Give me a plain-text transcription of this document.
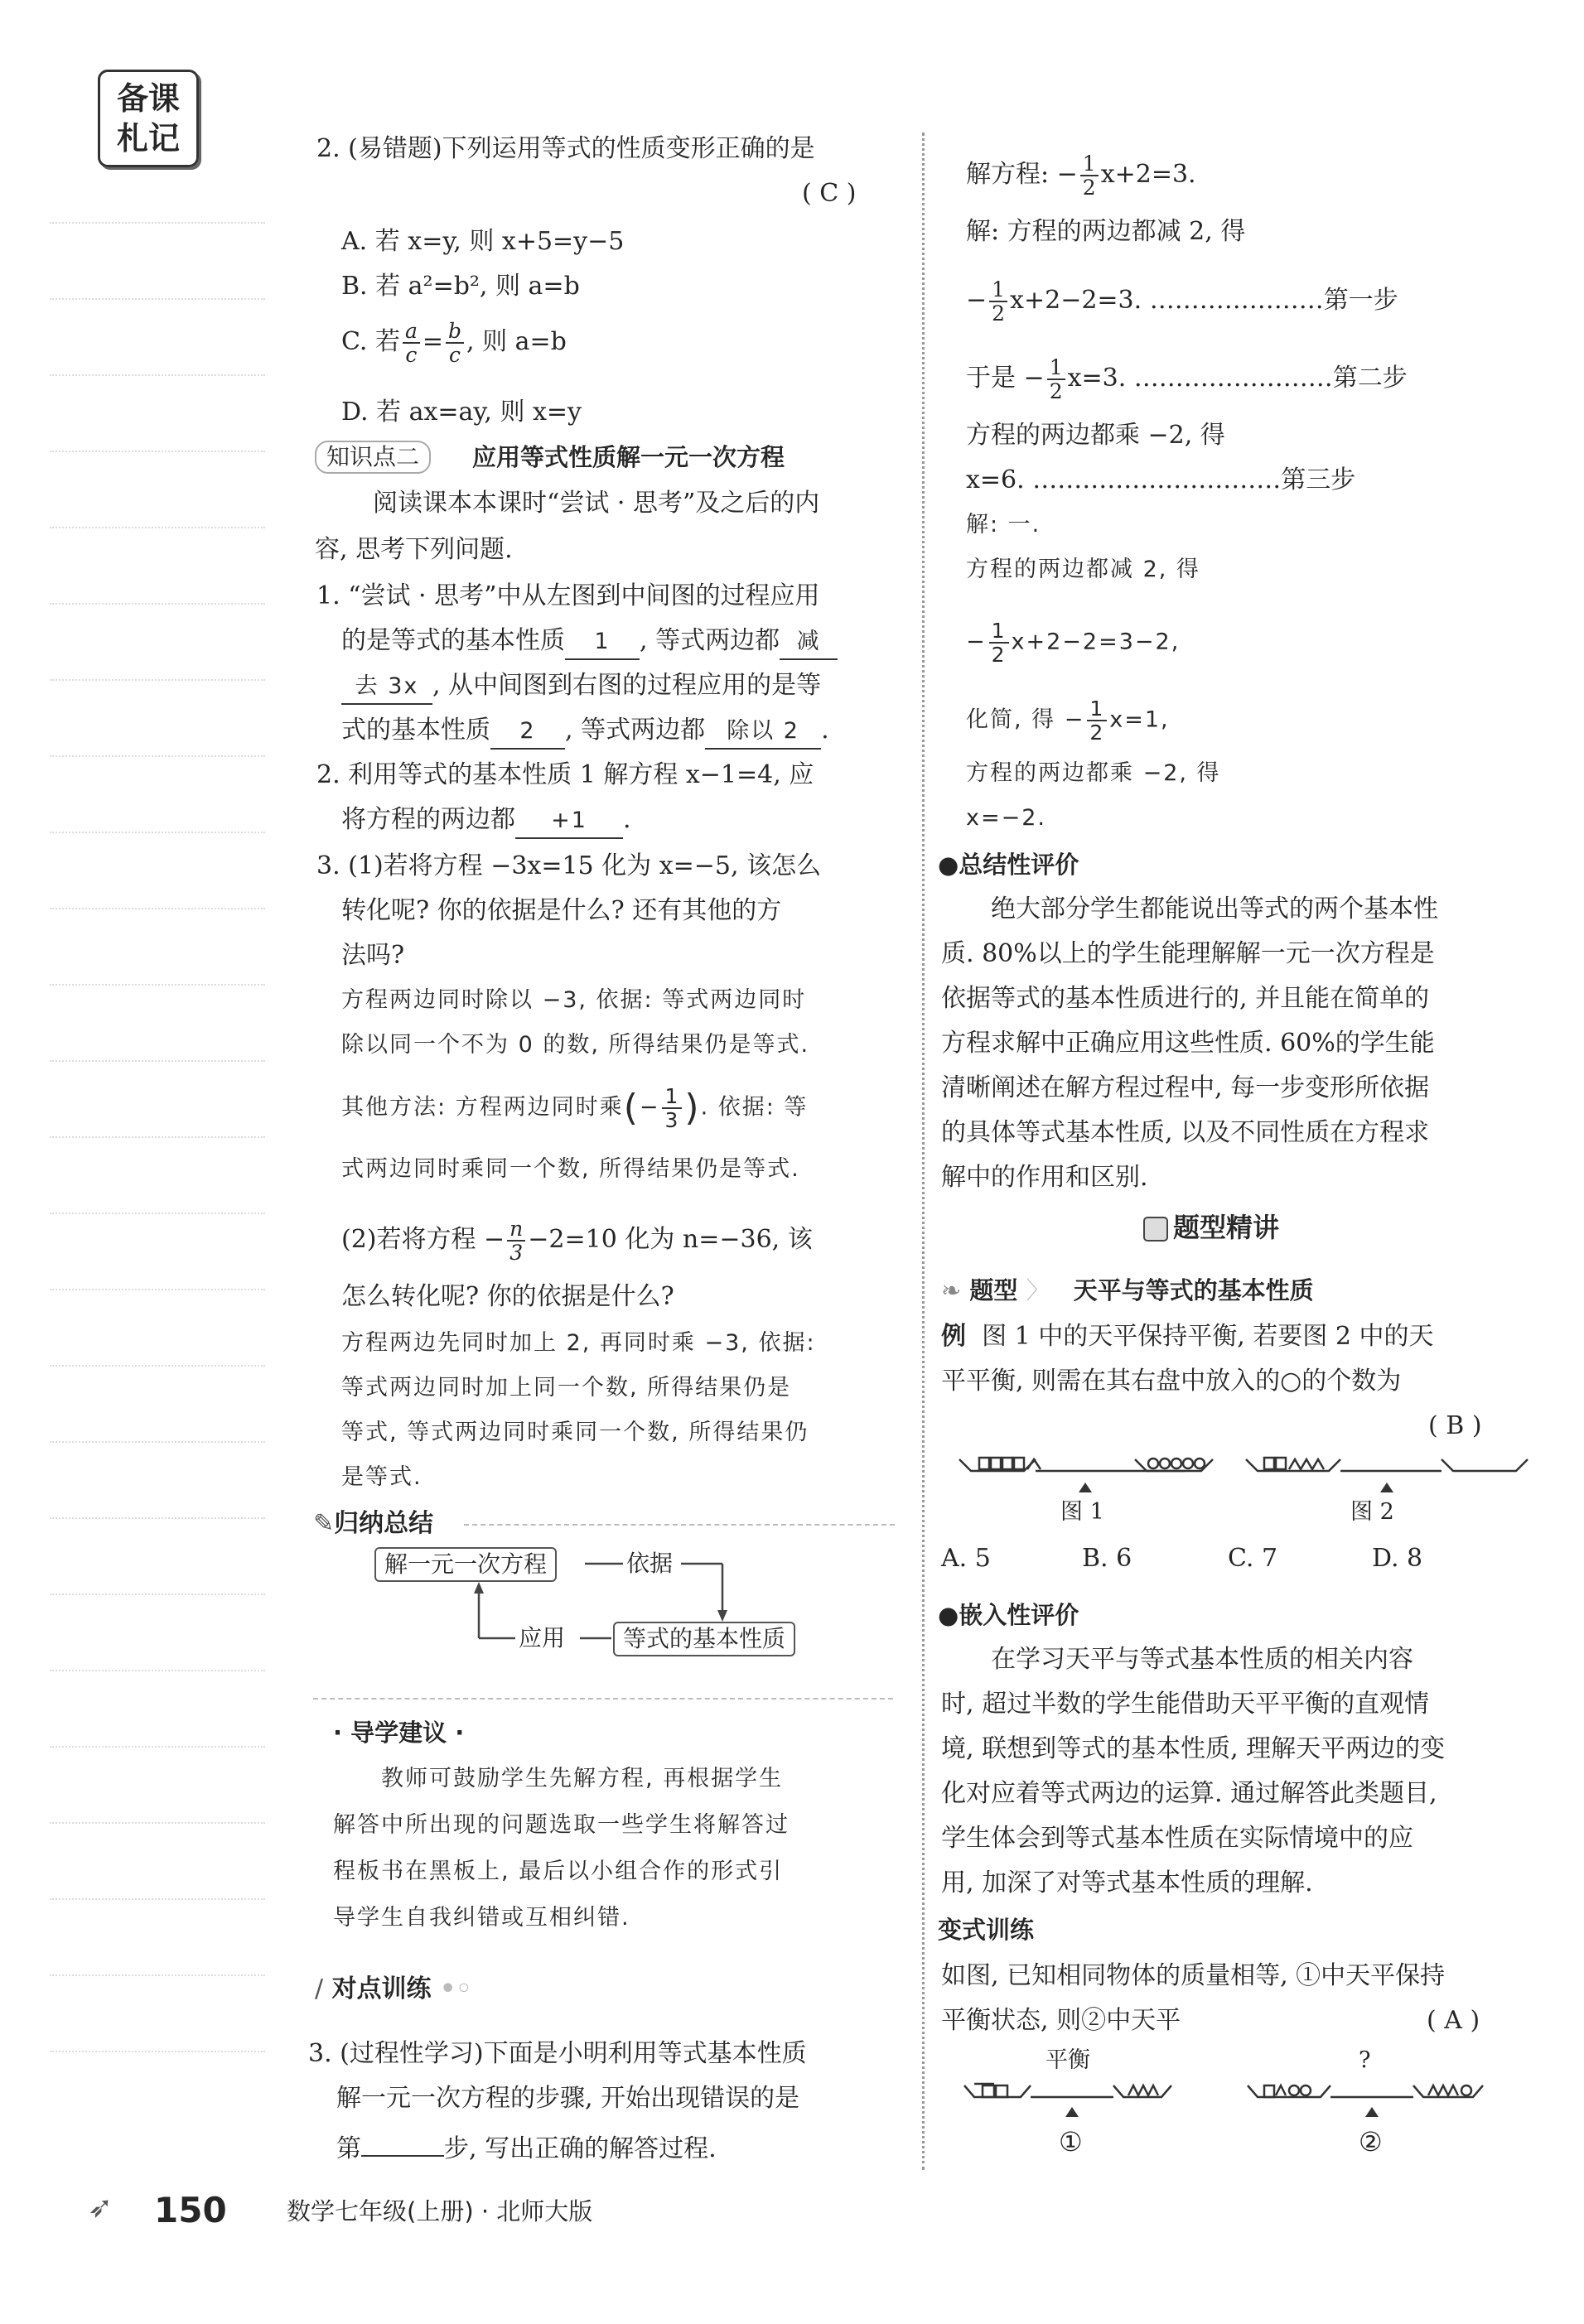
备课札记	2. (易错题)下列运用等式的性质变形正确的是
( C )
A. 若 x=y, 则 x+5=y−5
B. 若 a²=b², 则 a=b
C. 若 $\frac{a}{c} = \frac{b}{c}$ , 则 a=b
D. 若 ax=ay, 则 x=y
知识点二	应用等式性质解一元一次方程
阅读课本本课时“尝试 · 思考”及之后的内
容, 思考下列问题.
1. “尝试 · 思考”中从左图到中间图的过程应用
的是等式的基本性质 1 , 等式两边都 减
去 3x , 从中间图到右图的过程应用的是等
式的基本性质 2 , 等式两边都 除以 2 .
2. 利用等式的基本性质 1 解方程 x−1=4, 应
将方程的两边都 +1 .
3. (1)若将方程 −3x=15 化为 x=−5, 该怎么
转化呢? 你的依据是什么? 还有其他的方
法吗?
方程两边同时除以 −3, 依据: 等式两边同时
除以同一个不为 0 的数, 所得结果仍是等式.
其他方法: 方程两边同时乘(− $\frac{1}{3}$ ). 依据: 等
式两边同时乘同一个数, 所得结果仍是等式.
(2)若将方程 − $\frac{n}{3} -2=10$ 化为 n=−36, 该
怎么转化呢? 你的依据是什么?
方程两边先同时加上 2, 再同时乘 −3, 依据:
等式两边同时加上同一个数, 所得结果仍是
等式, 等式两边同时乘同一个数, 所得结果仍
是等式.
✎归纳总结
解一元一次方程	依据
等式的基本性质
应用
· 导学建议 ·
教师可鼓励学生先解方程, 再根据学生
解答中所出现的问题选取一些学生将解答过
程板书在黑板上, 最后以小组合作的形式引
导学生自我纠错或互相纠错.
∕ 对点训练 •◦
3. (过程性学习)下面是小明利用等式基本性质
解一元一次方程的步骤, 开始出现错误的是
第	步, 写出正确的解答过程.
解方程: − $\frac{1}{2} x+2=3$.
解: 方程的两边都减 2, 得
− $\frac{1}{2} x+2-2=3$. …………………第一步
于是 − $\frac{1}{2} x=3$. ……………………第二步
方程的两边都乘 −2, 得
x=6. …………………………第三步
解: 一.
方程的两边都减 2, 得
− $\frac{1}{2} x+2-2=3-2$,
化简, 得 − $\frac{1}{2} x=1$,
方程的两边都乘 −2, 得
x=−2.
●总结性评价
绝大部分学生都能说出等式的两个基本性
质. 80%以上的学生能理解解一元一次方程是
依据等式的基本性质进行的, 并且能在简单的
方程求解中正确应用这些性质. 60%的学生能
清晰阐述在解方程过程中, 每一步变形所依据
的具体等式基本性质, 以及不同性质在方程求
解中的作用和区别.
题型精讲
❧ 题型 〉 天平与等式的基本性质
例 图 1 中的天平保持平衡, 若要图 2 中的天
平平衡, 则需在其右盘中放入的○的个数为
( B )
图 1	图 2
A. 5	B. 6	C. 7	D. 8
●嵌入性评价
在学习天平与等式基本性质的相关内容
时, 超过半数的学生能借助天平平衡的直观情
境, 联想到等式的基本性质, 理解天平两边的变
化对应着等式两边的运算. 通过解答此类题目,
学生体会到等式基本性质在实际情境中的应
用, 加深了对等式基本性质的理解.
变式训练
如图, 已知相同物体的质量相等, ①中天平保持
平衡状态, 则②中天平	( A )
平衡	?
①	②
➶ 150 数学七年级(上册) · 北师大版
